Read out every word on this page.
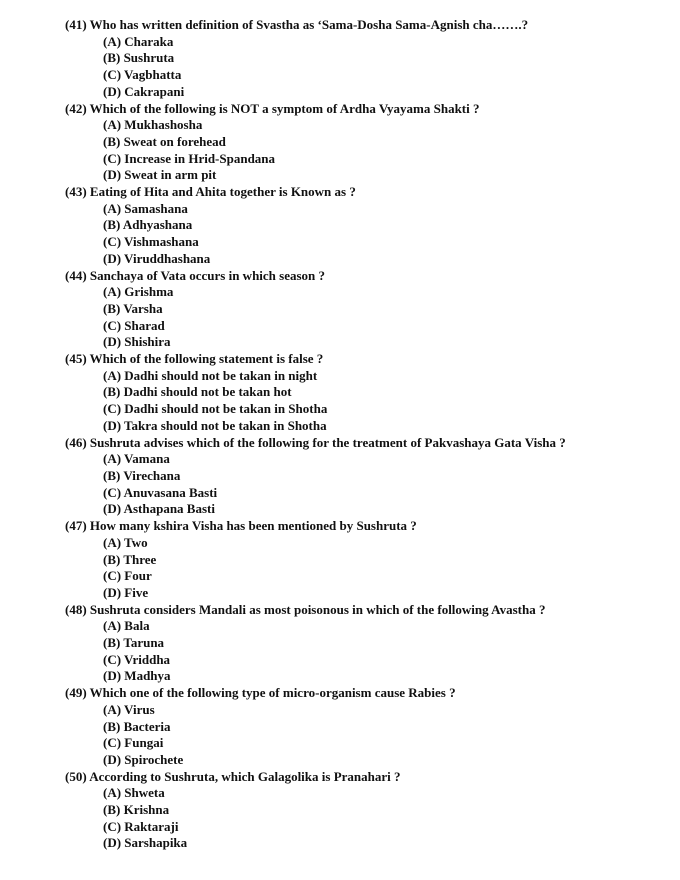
(41) Who has written definition of Svastha as ‘Sama-Dosha Sama-Agnish cha…….?

(A) Charaka

(B) Sushruta

(C) Vagbhatta

(D) Cakrapani

(42) Which of the following is NOT a symptom of Ardha Vyayama Shakti ?

(A) Mukhashosha

(B) Sweat on forehead

(C) Increase in Hrid-Spandana

(D) Sweat in arm pit

(43) Eating of Hita and Ahita together is Known as ?

(A) Samashana

(B) Adhyashana

(C) Vishmashana

(D) Viruddhashana

(44) Sanchaya of Vata occurs in which season ?

(A) Grishma

(B) Varsha

(C) Sharad

(D) Shishira

(45) Which of the following statement is false ?

(A) Dadhi should not be takan in night

(B) Dadhi should not be takan hot

(C) Dadhi should not be takan in Shotha

(D) Takra should not be takan in Shotha

(46) Sushruta advises which of the following for the treatment of Pakvashaya Gata Visha ?

(A) Vamana

(B) Virechana

(C) Anuvasana Basti

(D) Asthapana Basti

(47) How many kshira Visha has been mentioned by Sushruta ?

(A) Two

(B) Three

(C) Four

(D) Five

(48) Sushruta considers Mandali as most poisonous in which of the following Avastha ?

(A) Bala

(B) Taruna

(C) Vriddha

(D) Madhya

(49) Which one of the following type of micro-organism cause Rabies ?

(A) Virus

(B) Bacteria

(C) Fungai

(D) Spirochete

(50) According to Sushruta, which Galagolika is Pranahari ?

(A) Shweta

(B) Krishna

(C) Raktaraji

(D) Sarshapika
